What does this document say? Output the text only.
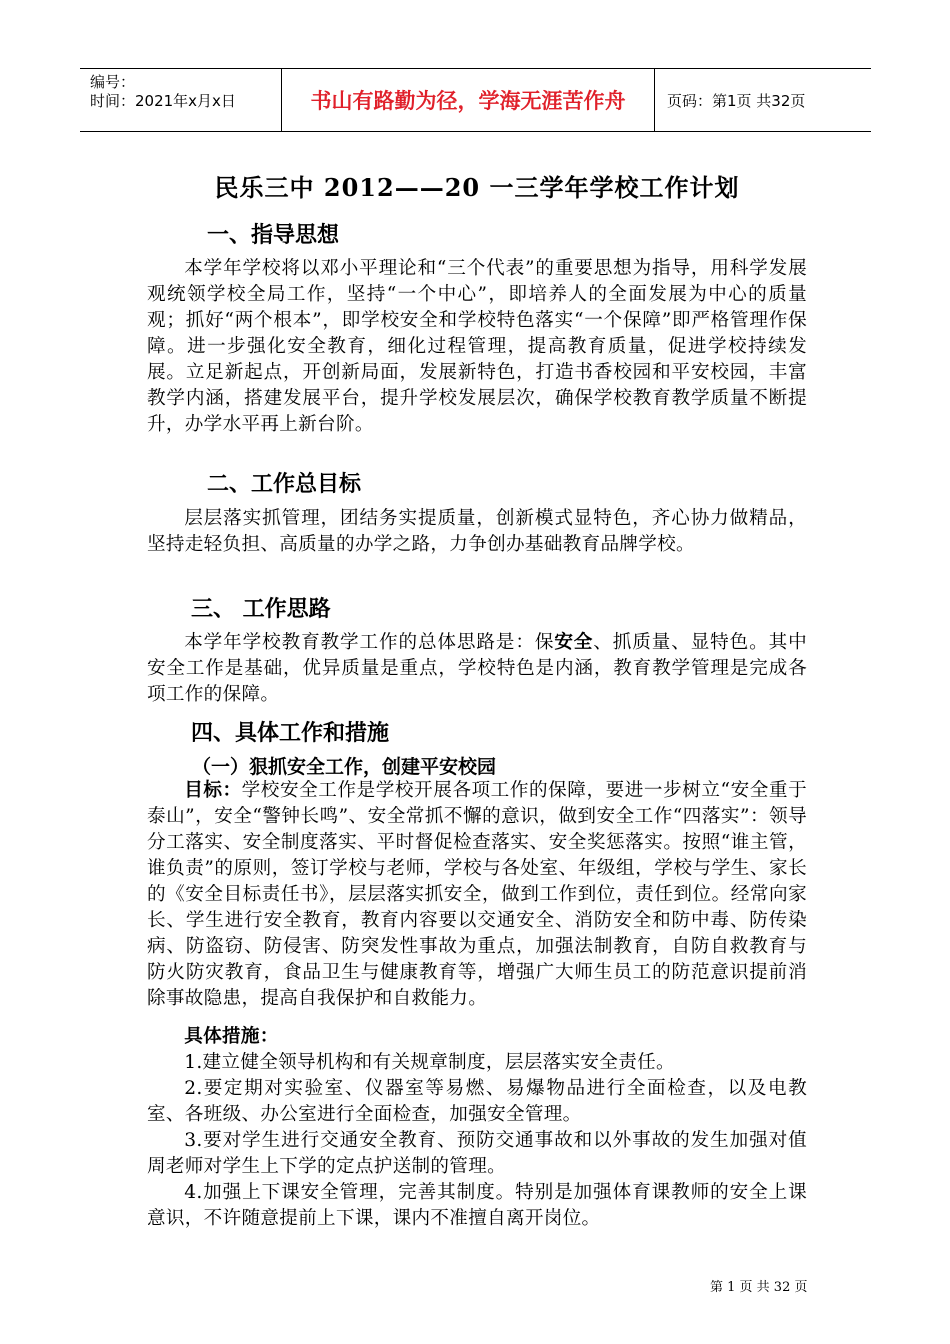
编号：
时间：2021年x月x日	书山有路勤为径，学海无涯苦作舟	页码：第1页 共32页
民乐三中 2012——20 一三学年学校工作计划
一、指导思想
本学年学校将以邓小平理论和“三个代表”的重要思想为指导，用科学发展观统领学校全局工作，坚持“一个中心”，即培养人的全面发展为中心的质量观；抓好“两个根本”，即学校安全和学校特色落实“一个保障”即严格管理作保障。进一步强化安全教育，细化过程管理，提高教育质量，促进学校持续发展。立足新起点，开创新局面，发展新特色，打造书香校园和平安校园，丰富教学内涵，搭建发展平台，提升学校发展层次，确保学校教育教学质量不断提升，办学水平再上新台阶。
二、工作总目标
层层落实抓管理，团结务实提质量，创新模式显特色，齐心协力做精品，坚持走轻负担、高质量的办学之路，力争创办基础教育品牌学校。
三、 工作思路
本学年学校教育教学工作的总体思路是：保安全、抓质量、显特色。其中安全工作是基础，优异质量是重点，学校特色是内涵，教育教学管理是完成各项工作的保障。
四、具体工作和措施
（一）狠抓安全工作，创建平安校园
目标：学校安全工作是学校开展各项工作的保障，要进一步树立“安全重于泰山”，安全“警钟长鸣”、安全常抓不懈的意识，做到安全工作“四落实”：领导分工落实、安全制度落实、平时督促检查落实、安全奖惩落实。按照“谁主管，谁负责”的原则，签订学校与老师，学校与各处室、年级组，学校与学生、家长的《安全目标责任书》，层层落实抓安全，做到工作到位，责任到位。经常向家长、学生进行安全教育，教育内容要以交通安全、消防安全和防中毒、防传染病、防盗窃、防侵害、防突发性事故为重点，加强法制教育，自防自救教育与防火防灾教育，食品卫生与健康教育等，增强广大师生员工的防范意识提前消除事故隐患，提高自我保护和自救能力。
具体措施：
1.建立健全领导机构和有关规章制度，层层落实安全责任。
2.要定期对实验室、仪器室等易燃、易爆物品进行全面检查，以及电教室、各班级、办公室进行全面检查，加强安全管理。
3.要对学生进行交通安全教育、预防交通事故和以外事故的发生加强对值周老师对学生上下学的定点护送制的管理。
4.加强上下课安全管理，完善其制度。特别是加强体育课教师的安全上课意识，不许随意提前上下课，课内不准擅自离开岗位。
第 1 页 共 32 页
